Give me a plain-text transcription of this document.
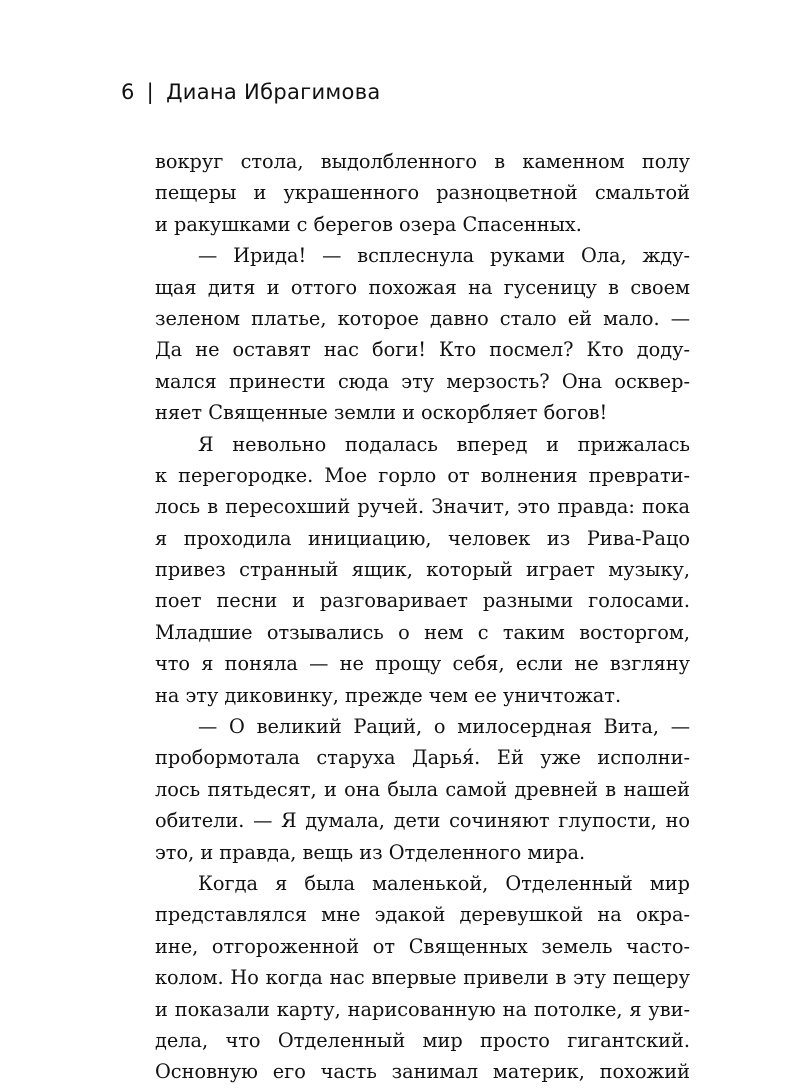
6 | Диана Ибрагимова
вокруг стола, выдолбленного в каменном полу
пещеры и украшенного разноцветной смальтой
и ракушками с берегов озера Спасенных.
— Ирида! — всплеснула руками Ола, жду-
щая дитя и оттого похожая на гусеницу в своем
зеленом платье, которое давно стало ей мало. —
Да не оставят нас боги! Кто посмел? Кто доду-
мался принести сюда эту мерзость? Она осквер-
няет Священные земли и оскорбляет богов!
Я невольно подалась вперед и прижалась
к перегородке. Мое горло от волнения преврати-
лось в пересохший ручей. Значит, это правда: пока
я проходила инициацию, человек из Рива-Рацо
привез странный ящик, который играет музыку,
поет песни и разговаривает разными голосами.
Младшие отзывались о нем с таким восторгом,
что я поняла — не прощу себя, если не взгляну
на эту диковинку, прежде чем ее уничтожат.
— О великий Раций, о милосердная Вита, —
пробормотала старуха Дарья́. Ей уже исполни-
лось пятьдесят, и она была самой древней в нашей
обители. — Я думала, дети сочиняют глупости, но
это, и правда, вещь из Отделенного мира.
Когда я была маленькой, Отделенный мир
представлялся мне эдакой деревушкой на окра-
ине, отгороженной от Священных земель часто-
колом. Но когда нас впервые привели в эту пещеру
и показали карту, нарисованную на потолке, я уви-
дела, что Отделенный мир просто гигантский.
Основную его часть занимал материк, похожий
